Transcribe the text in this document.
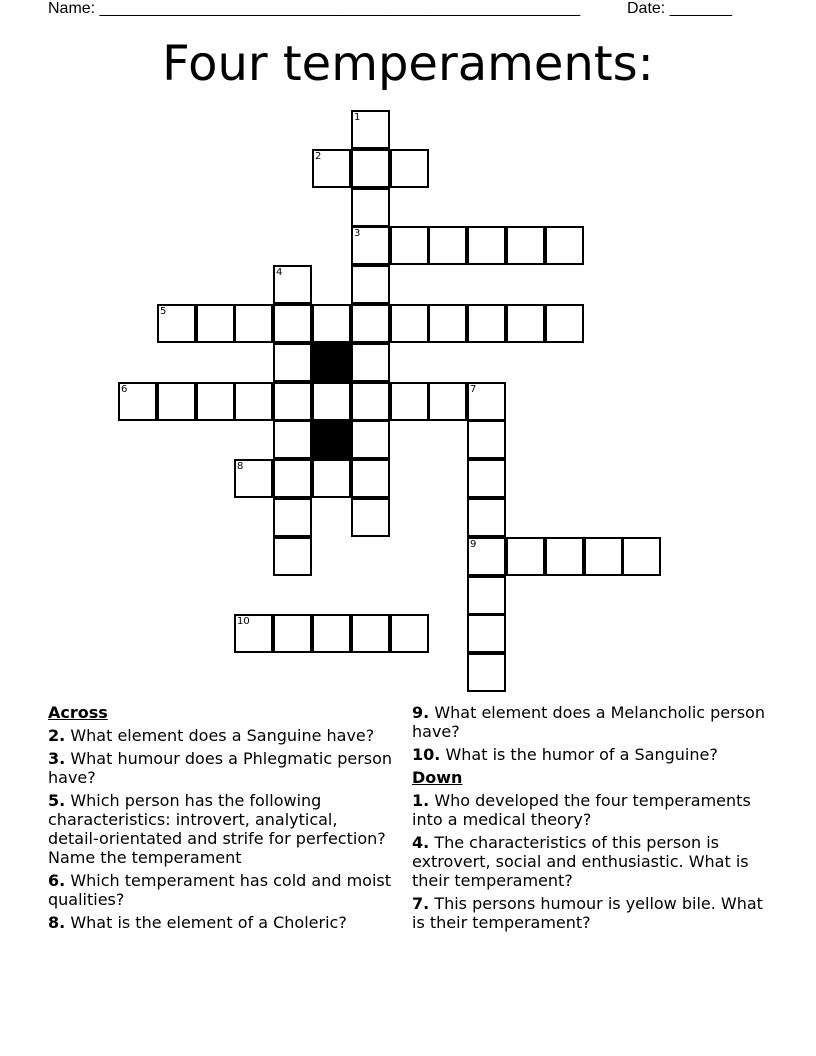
Name: ______________________________________________________	Date: _______
Four temperaments:
1
2
3
4
5
6	7
8
9
10
Across
2. What element does a Sanguine have?
3. What humour does a Phlegmatic person have?
5. Which person has the following characteristics: introvert, analytical, detail-orientated and strife for perfection? Name the temperament
6. Which temperament has cold and moist qualities?
8. What is the element of a Choleric?
9. What element does a Melancholic person have?
10. What is the humor of a Sanguine?
Down
1. Who developed the four temperaments into a medical theory?
4. The characteristics of this person is extrovert, social and enthusiastic. What is their temperament?
7. This persons humour is yellow bile. What is their temperament?
